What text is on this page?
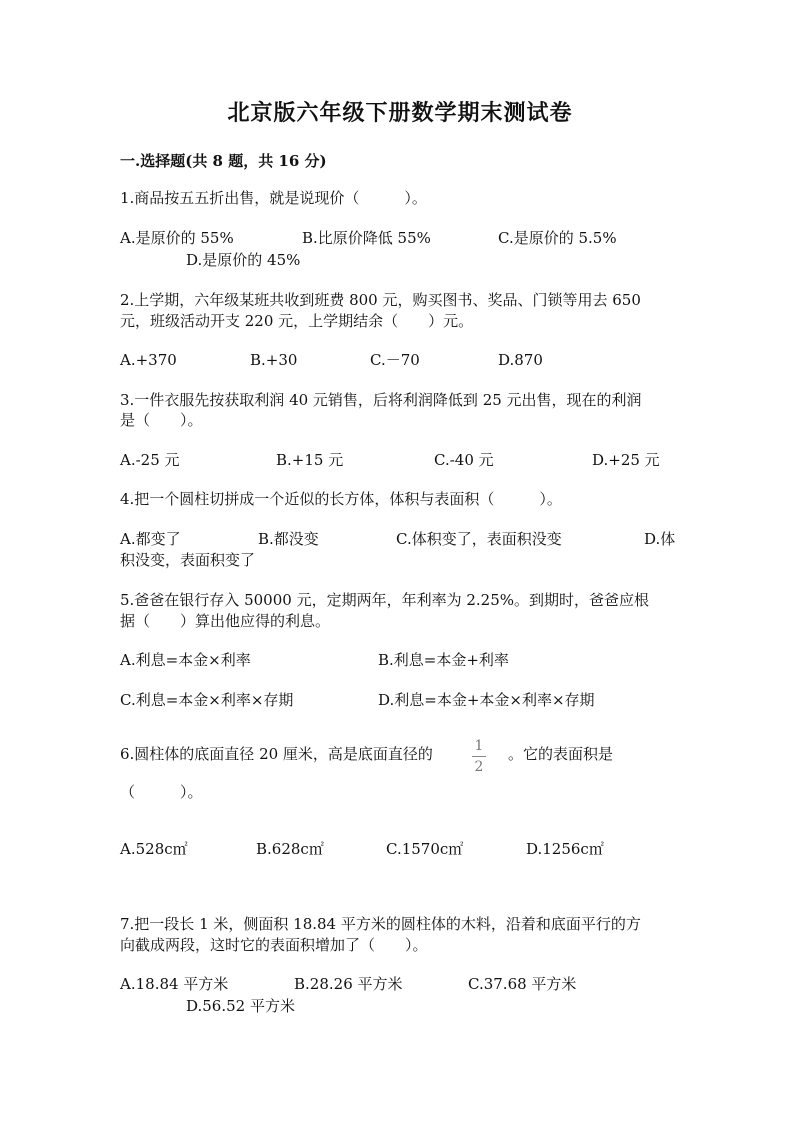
北京版六年级下册数学期末测试卷
一.选择题(共 8 题，共 16 分)
1.商品按五五折出售，就是说现价（　　　）。
A.是原价的 55%	B.比原价降低 55%	C.是原价的 5.5%
D.是原价的 45%
2.上学期，六年级某班共收到班费 800 元，购买图书、奖品、门锁等用去 650
元，班级活动开支 220 元，上学期结余（　　）元。
A.+370	B.+30	C.－70	D.870
3.一件衣服先按获取利润 40 元销售，后将利润降低到 25 元出售，现在的利润
是（　　）。
A.-25 元	B.+15 元	C.-40 元	D.+25 元
4.把一个圆柱切拼成一个近似的长方体，体积与表面积（　　　）。
A.都变了	B.都没变	C.体积变了，表面积没变	D.体
积没变，表面积变了
5.爸爸在银行存入 50000 元，定期两年，年利率为 2.25%。到期时，爸爸应根
据（　　）算出他应得的利息。
A.利息=本金×利率	B.利息=本金+利率
C.利息=本金×利率×存期	D.利息=本金+本金×利率×存期
6.圆柱体的底面直径 20 厘米，高是底面直径的	1
2
。它的表面积是
（　　　）。
A.528c㎡	B.628c㎡	C.1570c㎡	D.1256c㎡
7.把一段长 1 米，侧面积 18.84 平方米的圆柱体的木料，沿着和底面平行的方
向截成两段，这时它的表面积增加了（　　）。
A.18.84 平方米	B.28.26 平方米	C.37.68 平方米
D.56.52 平方米
